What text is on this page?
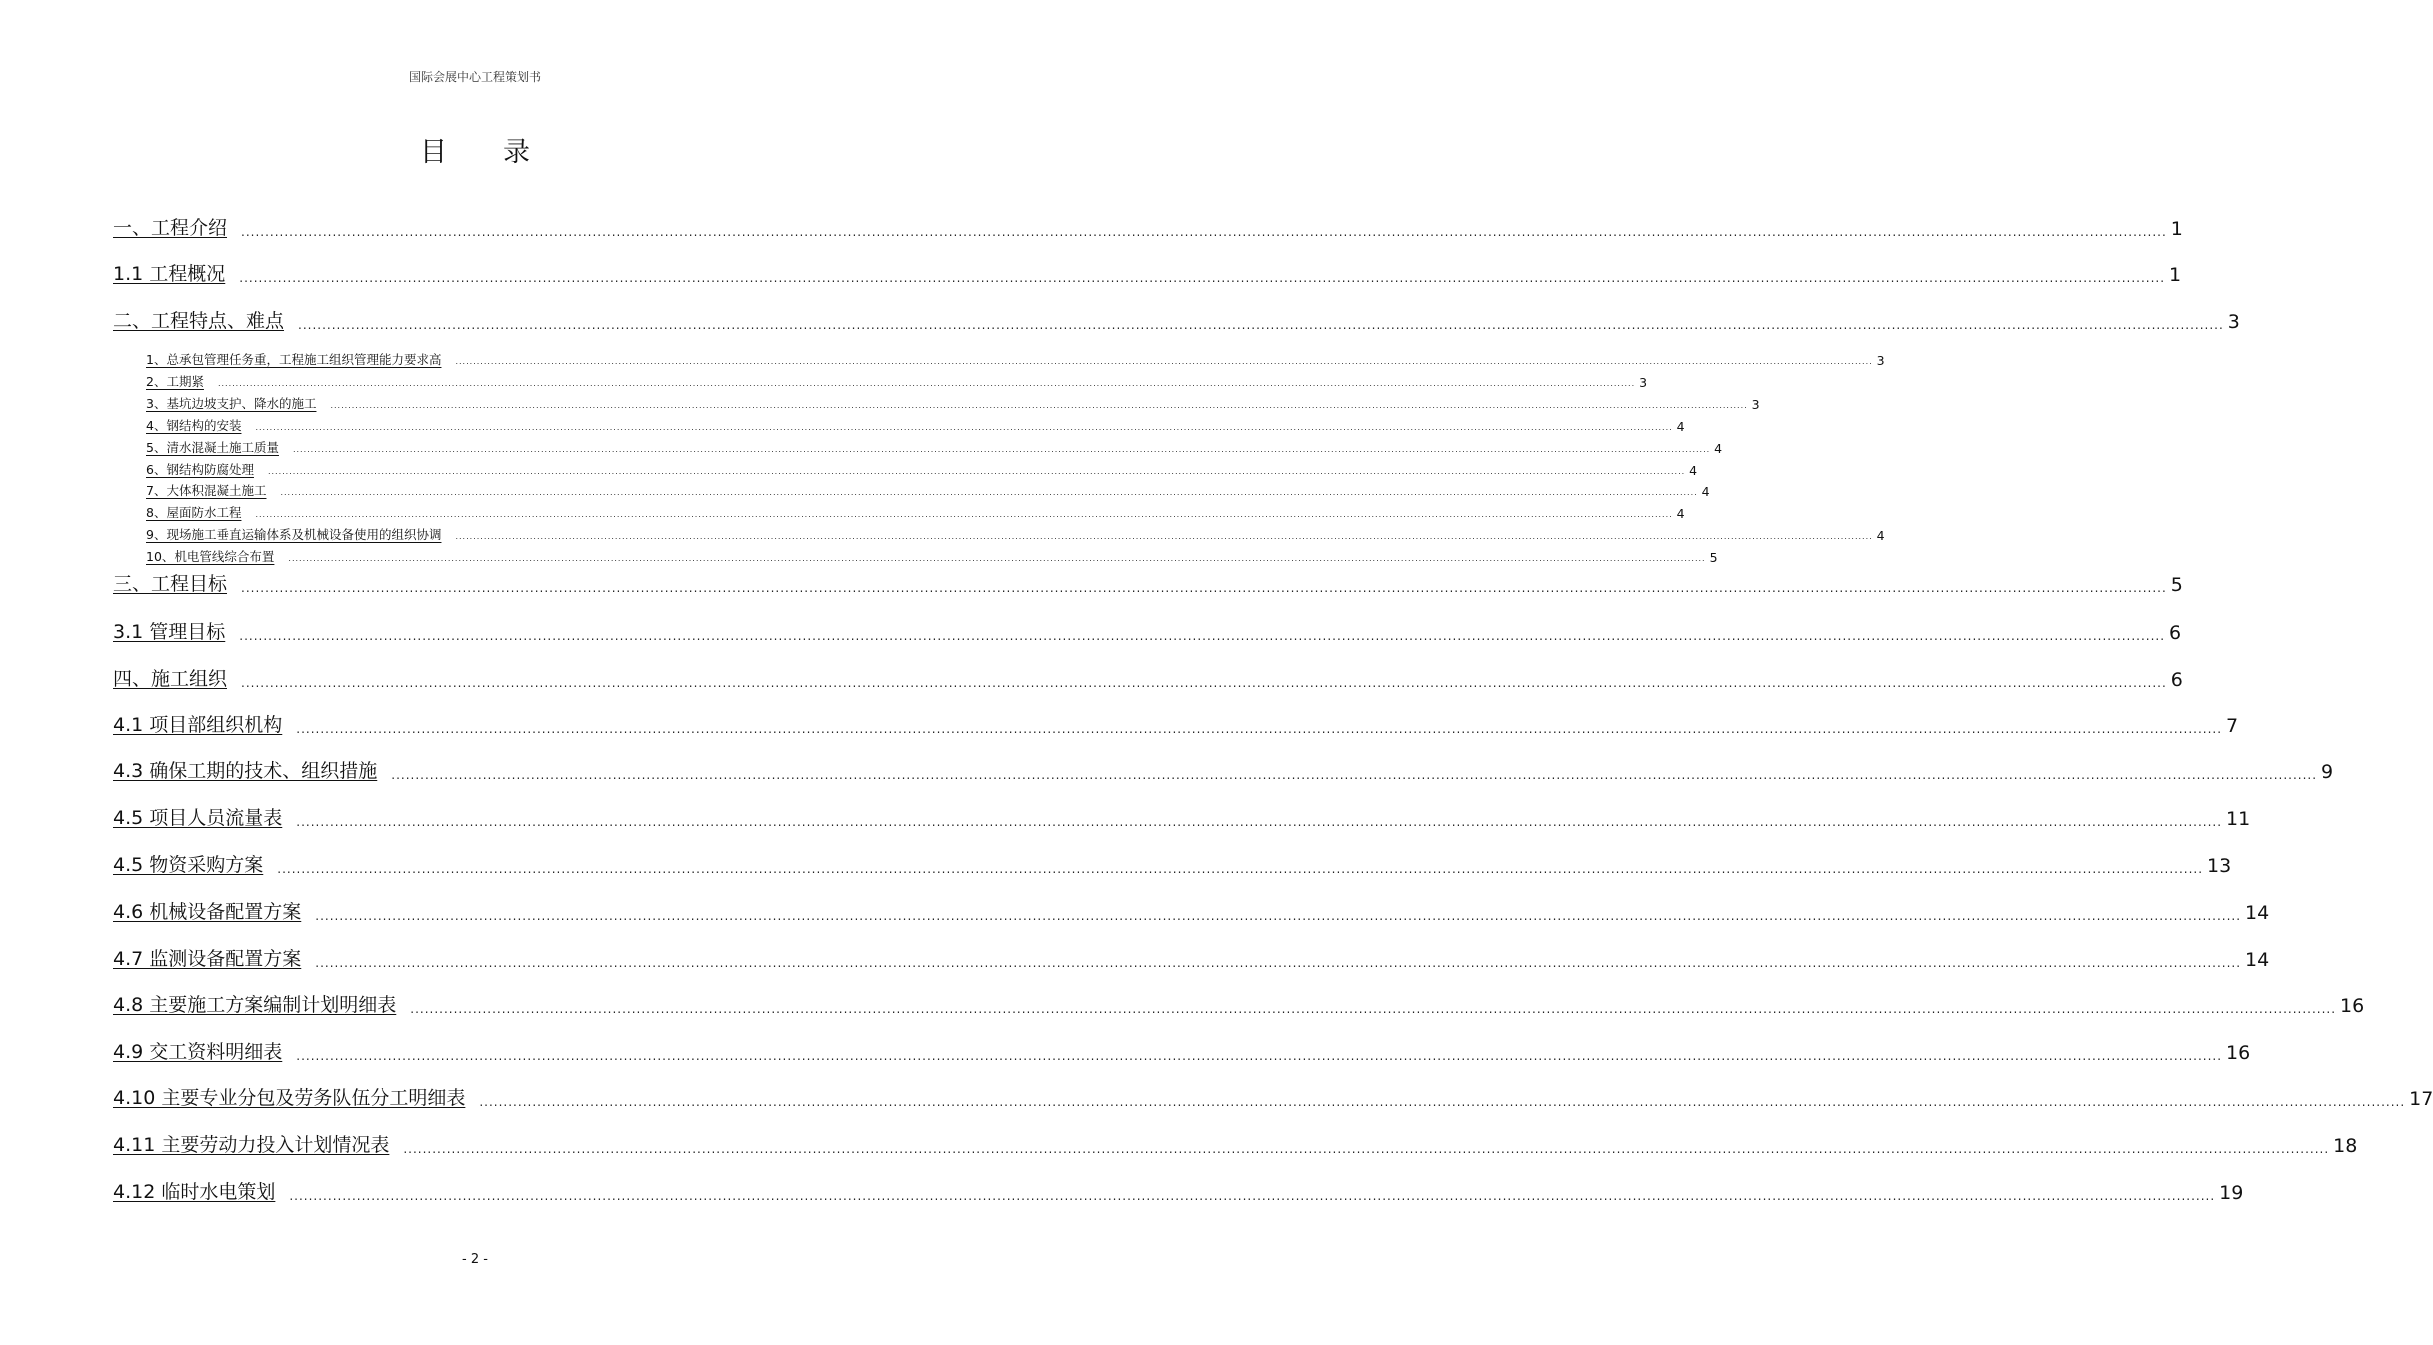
国际会展中心工程策划书
目 录
一、工程介绍	................................................................................................................................................................................................................................................................................................................................................................................................................ 1
1.1 工程概况	................................................................................................................................................................................................................................................................................................................................................................................................................ 1
二、工程特点、难点	................................................................................................................................................................................................................................................................................................................................................................................................................ 3
1、总承包管理任务重，工程施工组织管理能力要求高	................................................................................................................................................................................................................................................................................................................................................................................................................ 3
2、工期紧	................................................................................................................................................................................................................................................................................................................................................................................................................ 3
3、基坑边坡支护、降水的施工	................................................................................................................................................................................................................................................................................................................................................................................................................ 3
4、钢结构的安装	................................................................................................................................................................................................................................................................................................................................................................................................................ 4
5、清水混凝土施工质量	................................................................................................................................................................................................................................................................................................................................................................................................................ 4
6、钢结构防腐处理	................................................................................................................................................................................................................................................................................................................................................................................................................ 4
7、大体积混凝土施工	................................................................................................................................................................................................................................................................................................................................................................................................................ 4
8、屋面防水工程	................................................................................................................................................................................................................................................................................................................................................................................................................ 4
9、现场施工垂直运输体系及机械设备使用的组织协调	................................................................................................................................................................................................................................................................................................................................................................................................................ 4
10、机电管线综合布置	................................................................................................................................................................................................................................................................................................................................................................................................................ 5
三、工程目标	................................................................................................................................................................................................................................................................................................................................................................................................................ 5
3.1 管理目标	................................................................................................................................................................................................................................................................................................................................................................................................................ 6
四、施工组织	................................................................................................................................................................................................................................................................................................................................................................................................................ 6
4.1 项目部组织机构	................................................................................................................................................................................................................................................................................................................................................................................................................ 7
4.3 确保工期的技术、组织措施	................................................................................................................................................................................................................................................................................................................................................................................................................ 9
4.5 项目人员流量表	................................................................................................................................................................................................................................................................................................................................................................................................................ 11
4.5 物资采购方案	................................................................................................................................................................................................................................................................................................................................................................................................................ 13
4.6 机械设备配置方案	................................................................................................................................................................................................................................................................................................................................................................................................................ 14
4.7 监测设备配置方案	................................................................................................................................................................................................................................................................................................................................................................................................................ 14
4.8 主要施工方案编制计划明细表	................................................................................................................................................................................................................................................................................................................................................................................................................ 16
4.9 交工资料明细表	................................................................................................................................................................................................................................................................................................................................................................................................................ 16
4.10 主要专业分包及劳务队伍分工明细表	................................................................................................................................................................................................................................................................................................................................................................................................................ 17
4.11 主要劳动力投入计划情况表	................................................................................................................................................................................................................................................................................................................................................................................................................ 18
4.12 临时水电策划	................................................................................................................................................................................................................................................................................................................................................................................................................ 19
- 2 -
